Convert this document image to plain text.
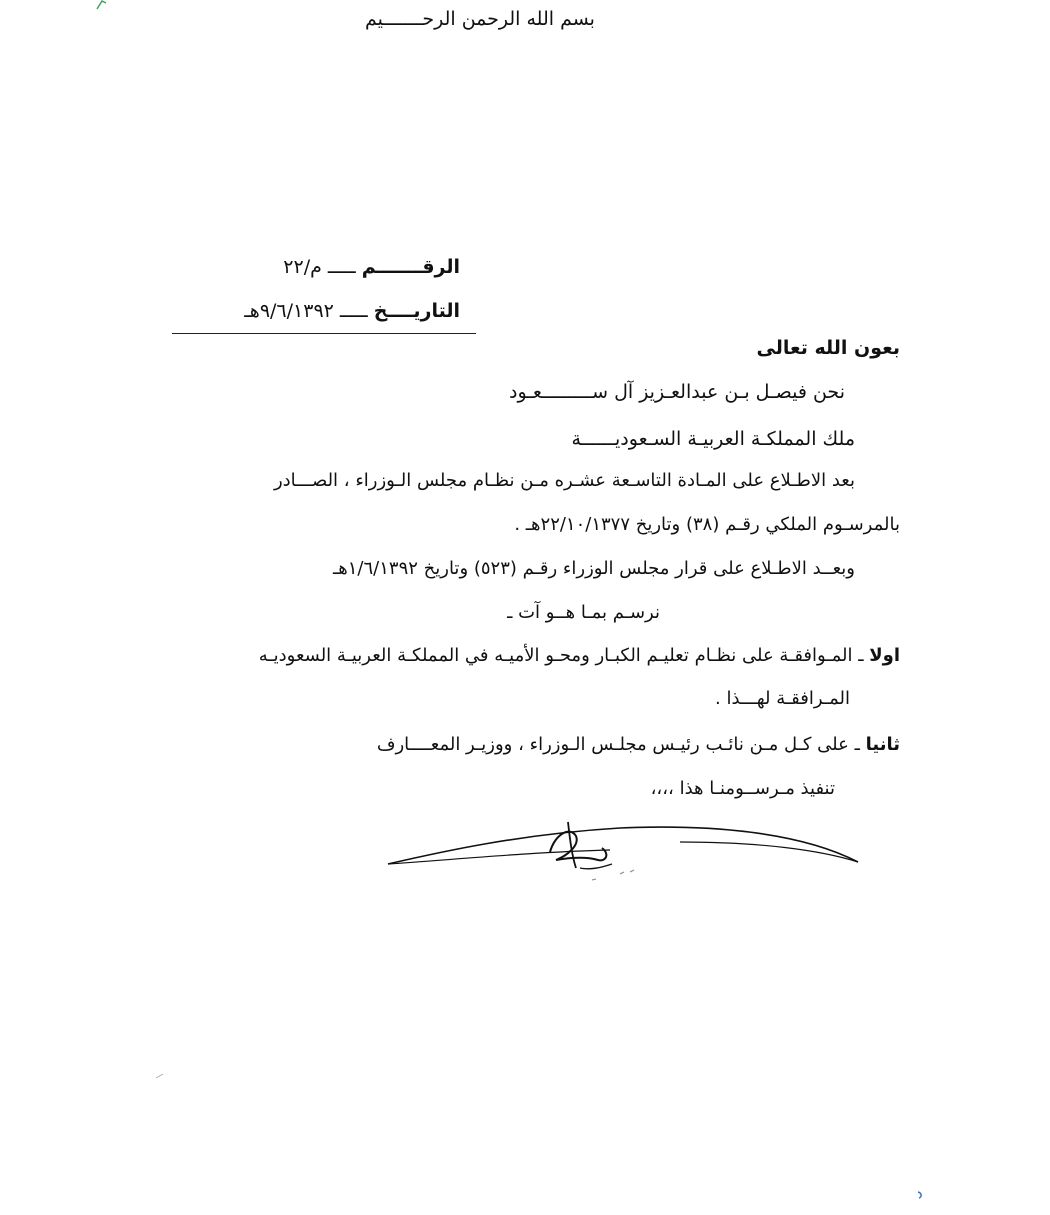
بسم الله الرحمن الرحـــــــيم
الرقـــــــم
ـــــ
م/٢٢
التاريــــخ
ـــــ
٩/٦/١٣٩٢هـ
بعون الله تعالى
نحن فيصـل بـن عبدالعـزيز آل ســـــــــعـود
ملك المملكـة العربيـة السـعوديــــــة
بعد الاطـلاع على المـادة التاسـعة عشـره مـن نظـام مجلس الـوزراء ، الصـــادر
بالمرسـوم الملكي رقـم (٣٨) وتاريخ ٢٢/١٠/١٣٧٧هـ .
وبعــد الاطـلاع على قرار مجلس الوزراء رقـم (٥٢٣) وتاريخ ١/٦/١٣٩٢هـ
نرسـم بمـا هــو آت ـ
اولا ـ المـوافقـة على نظـام تعليـم الكبـار ومحـو الأميـه في المملكـة العربيـة السعوديـه
المـرافقـة لهـــذا .
ثانيا ـ على كـل مـن نائـب رئيـس مجلـس الـوزراء ، ووزيـر المعــــارف
تنفيذ مـرســومنـا هذا ،،،،
